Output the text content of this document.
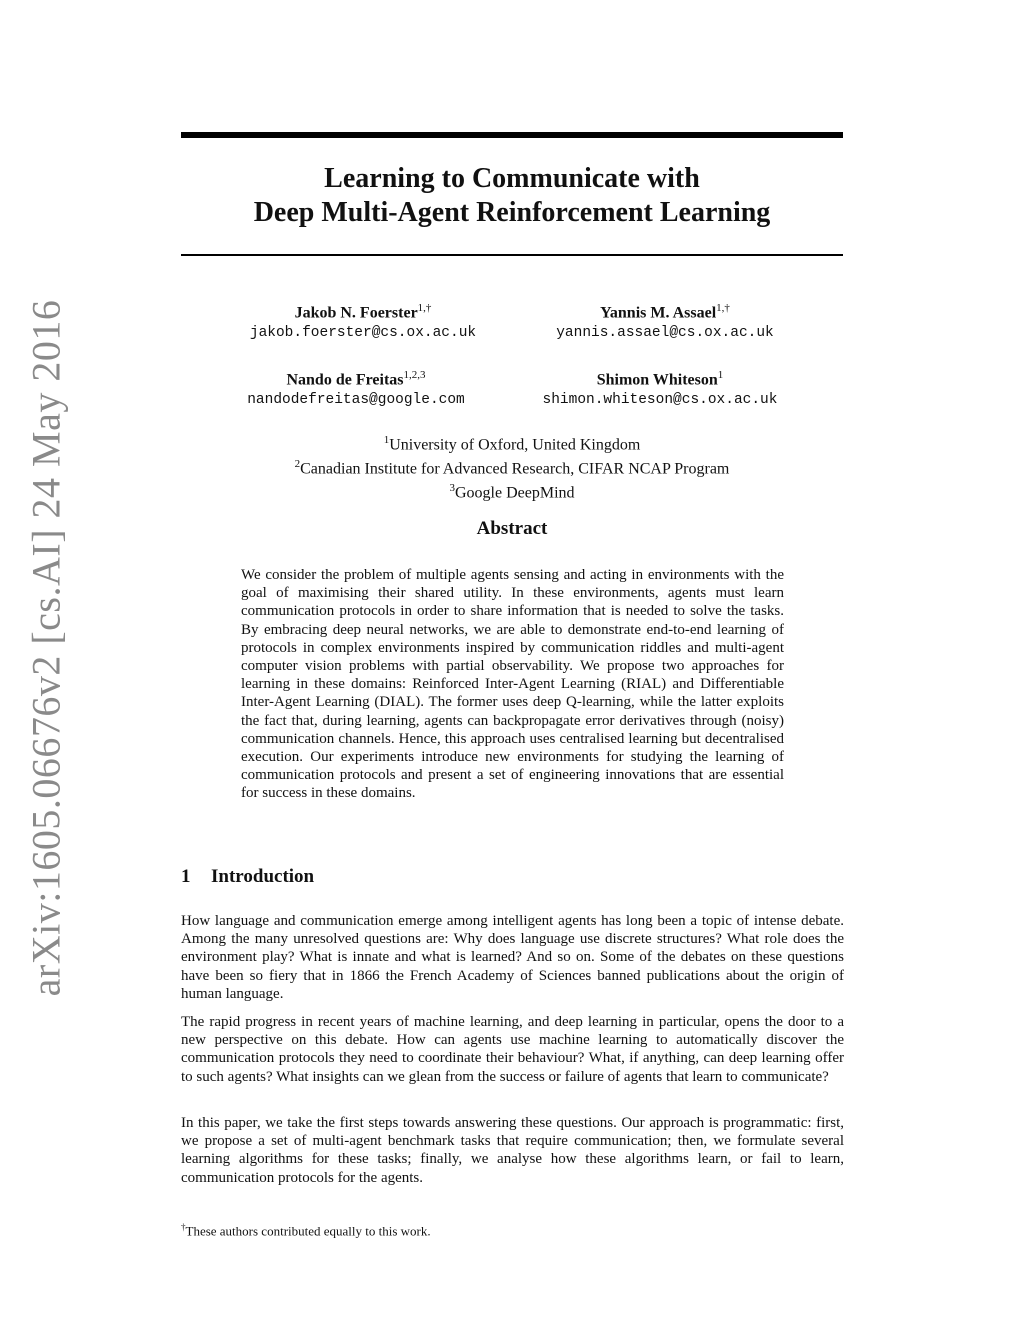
arXiv:1605.06676v2 [cs.AI] 24 May 2016
Learning to Communicate with
Deep Multi-Agent Reinforcement Learning
Jakob N. Foerster$^{1,\dagger}$
jakob.foerster@cs.ox.ac.uk
Yannis M. Assael$^{1,\dagger}$
yannis.assael@cs.ox.ac.uk
Nando de Freitas$^{1,2,3}$
nandodefreitas@google.com
Shimon Whiteson$^1$
shimon.whiteson@cs.ox.ac.uk
$^1$University of Oxford, United Kingdom
$^2$Canadian Institute for Advanced Research, CIFAR NCAP Program
$^3$Google DeepMind
Abstract
We consider the problem of multiple agents sensing and acting in environments with the goal of maximising their shared utility. In these environments, agents must learn communication protocols in order to share information that is needed to solve the tasks. By embracing deep neural networks, we are able to demonstrate end-to-end learning of protocols in complex environments inspired by communication riddles and multi-agent computer vision problems with partial observability. We propose two approaches for learning in these domains: Reinforced Inter-Agent Learning (RIAL) and Differentiable Inter-Agent Learning (DIAL). The former uses deep Q-learning, while the latter exploits the fact that, during learning, agents can backpropagate error derivatives through (noisy) communication channels. Hence, this approach uses centralised learning but decentralised execution. Our experiments introduce new environments for studying the learning of communication protocols and present a set of engineering innovations that are essential for success in these domains.
1 Introduction
How language and communication emerge among intelligent agents has long been a topic of intense debate. Among the many unresolved questions are: Why does language use discrete structures? What role does the environment play? What is innate and what is learned? And so on. Some of the debates on these questions have been so fiery that in 1866 the French Academy of Sciences banned publications about the origin of human language.
The rapid progress in recent years of machine learning, and deep learning in particular, opens the door to a new perspective on this debate. How can agents use machine learning to automatically discover the communication protocols they need to coordinate their behaviour? What, if anything, can deep learning offer to such agents? What insights can we glean from the success or failure of agents that learn to communicate?
In this paper, we take the first steps towards answering these questions. Our approach is programmatic: first, we propose a set of multi-agent benchmark tasks that require communication; then, we formulate several learning algorithms for these tasks; finally, we analyse how these algorithms learn, or fail to learn, communication protocols for the agents.
†These authors contributed equally to this work.
